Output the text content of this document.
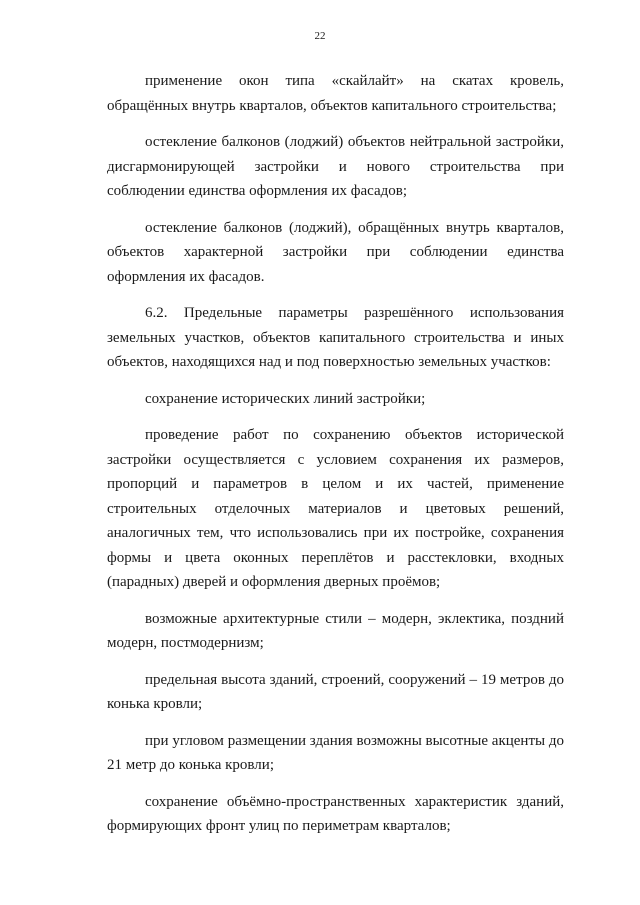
22

применение окон типа «скайлайт» на скатах кровель, обращённых внутрь кварталов, объектов капитального строительства;

остекление балконов (лоджий) объектов нейтральной застройки, дисгармонирующей застройки и нового строительства при соблюдении единства оформления их фасадов;

остекление балконов (лоджий), обращённых внутрь кварталов, объектов характерной застройки при соблюдении единства оформления их фасадов.

6.2. Предельные параметры разрешённого использования земельных участков, объектов капитального строительства и иных объектов, находящихся над и под поверхностью земельных участков:

сохранение исторических линий застройки;

проведение работ по сохранению объектов исторической застройки осуществляется с условием сохранения их размеров, пропорций и параметров в целом и их частей, применение строительных отделочных материалов и цветовых решений, аналогичных тем, что использовались при их постройке, сохранения формы и цвета оконных переплётов и расстекловки, входных (парадных) дверей и оформления дверных проёмов;

возможные архитектурные стили – модерн, эклектика, поздний модерн, постмодернизм;

предельная высота зданий, строений, сооружений – 19 метров до конька кровли;

при угловом размещении здания возможны высотные акценты до 21 метр до конька кровли;

сохранение объёмно-пространственных характеристик зданий, формирующих фронт улиц по периметрам кварталов;
